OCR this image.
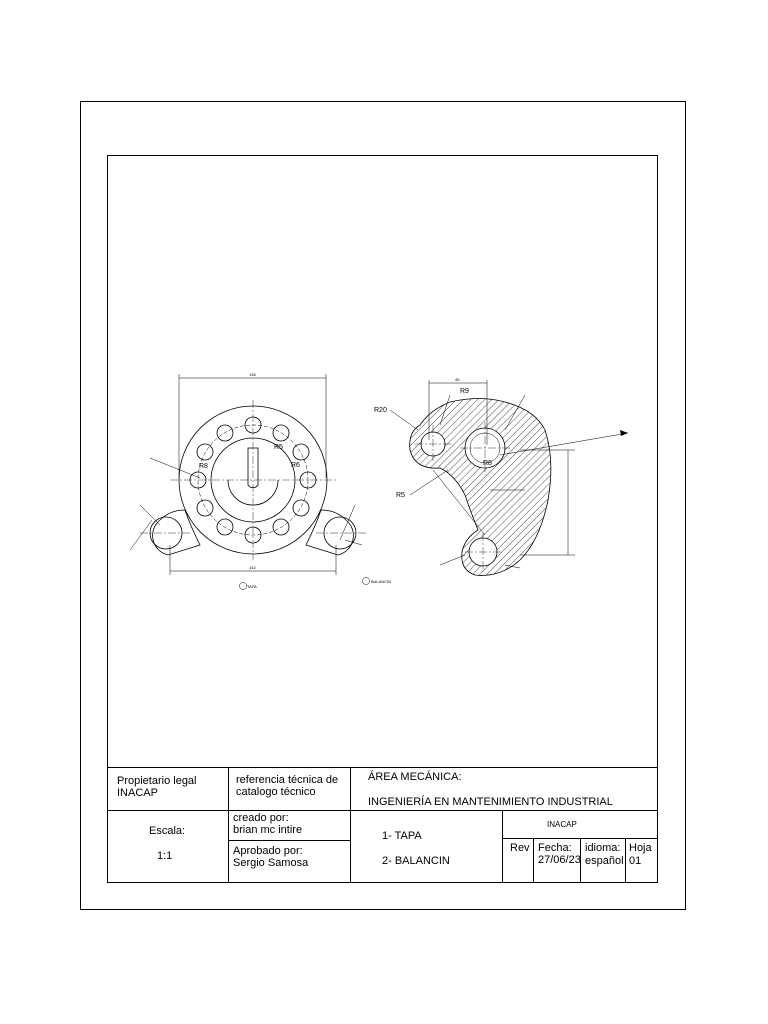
136
142
R5
R6
R8
TAPA
45
R20
R9
R8
R5
BALANCIN
Propietario legal
INACAP
referencia técnica de
catalogo técnico
ÁREA MECÁNICA:
INGENIERÍA EN MANTENIMIENTO INDUSTRIAL
Escala:
1:1
creado por:
brian mc intire
Aprobado por:
Sergio Samosa
1- TAPA
2- BALANCIN
INACAP
Rev Fecha:
27/06/23
idioma:
español
Hoja
01
